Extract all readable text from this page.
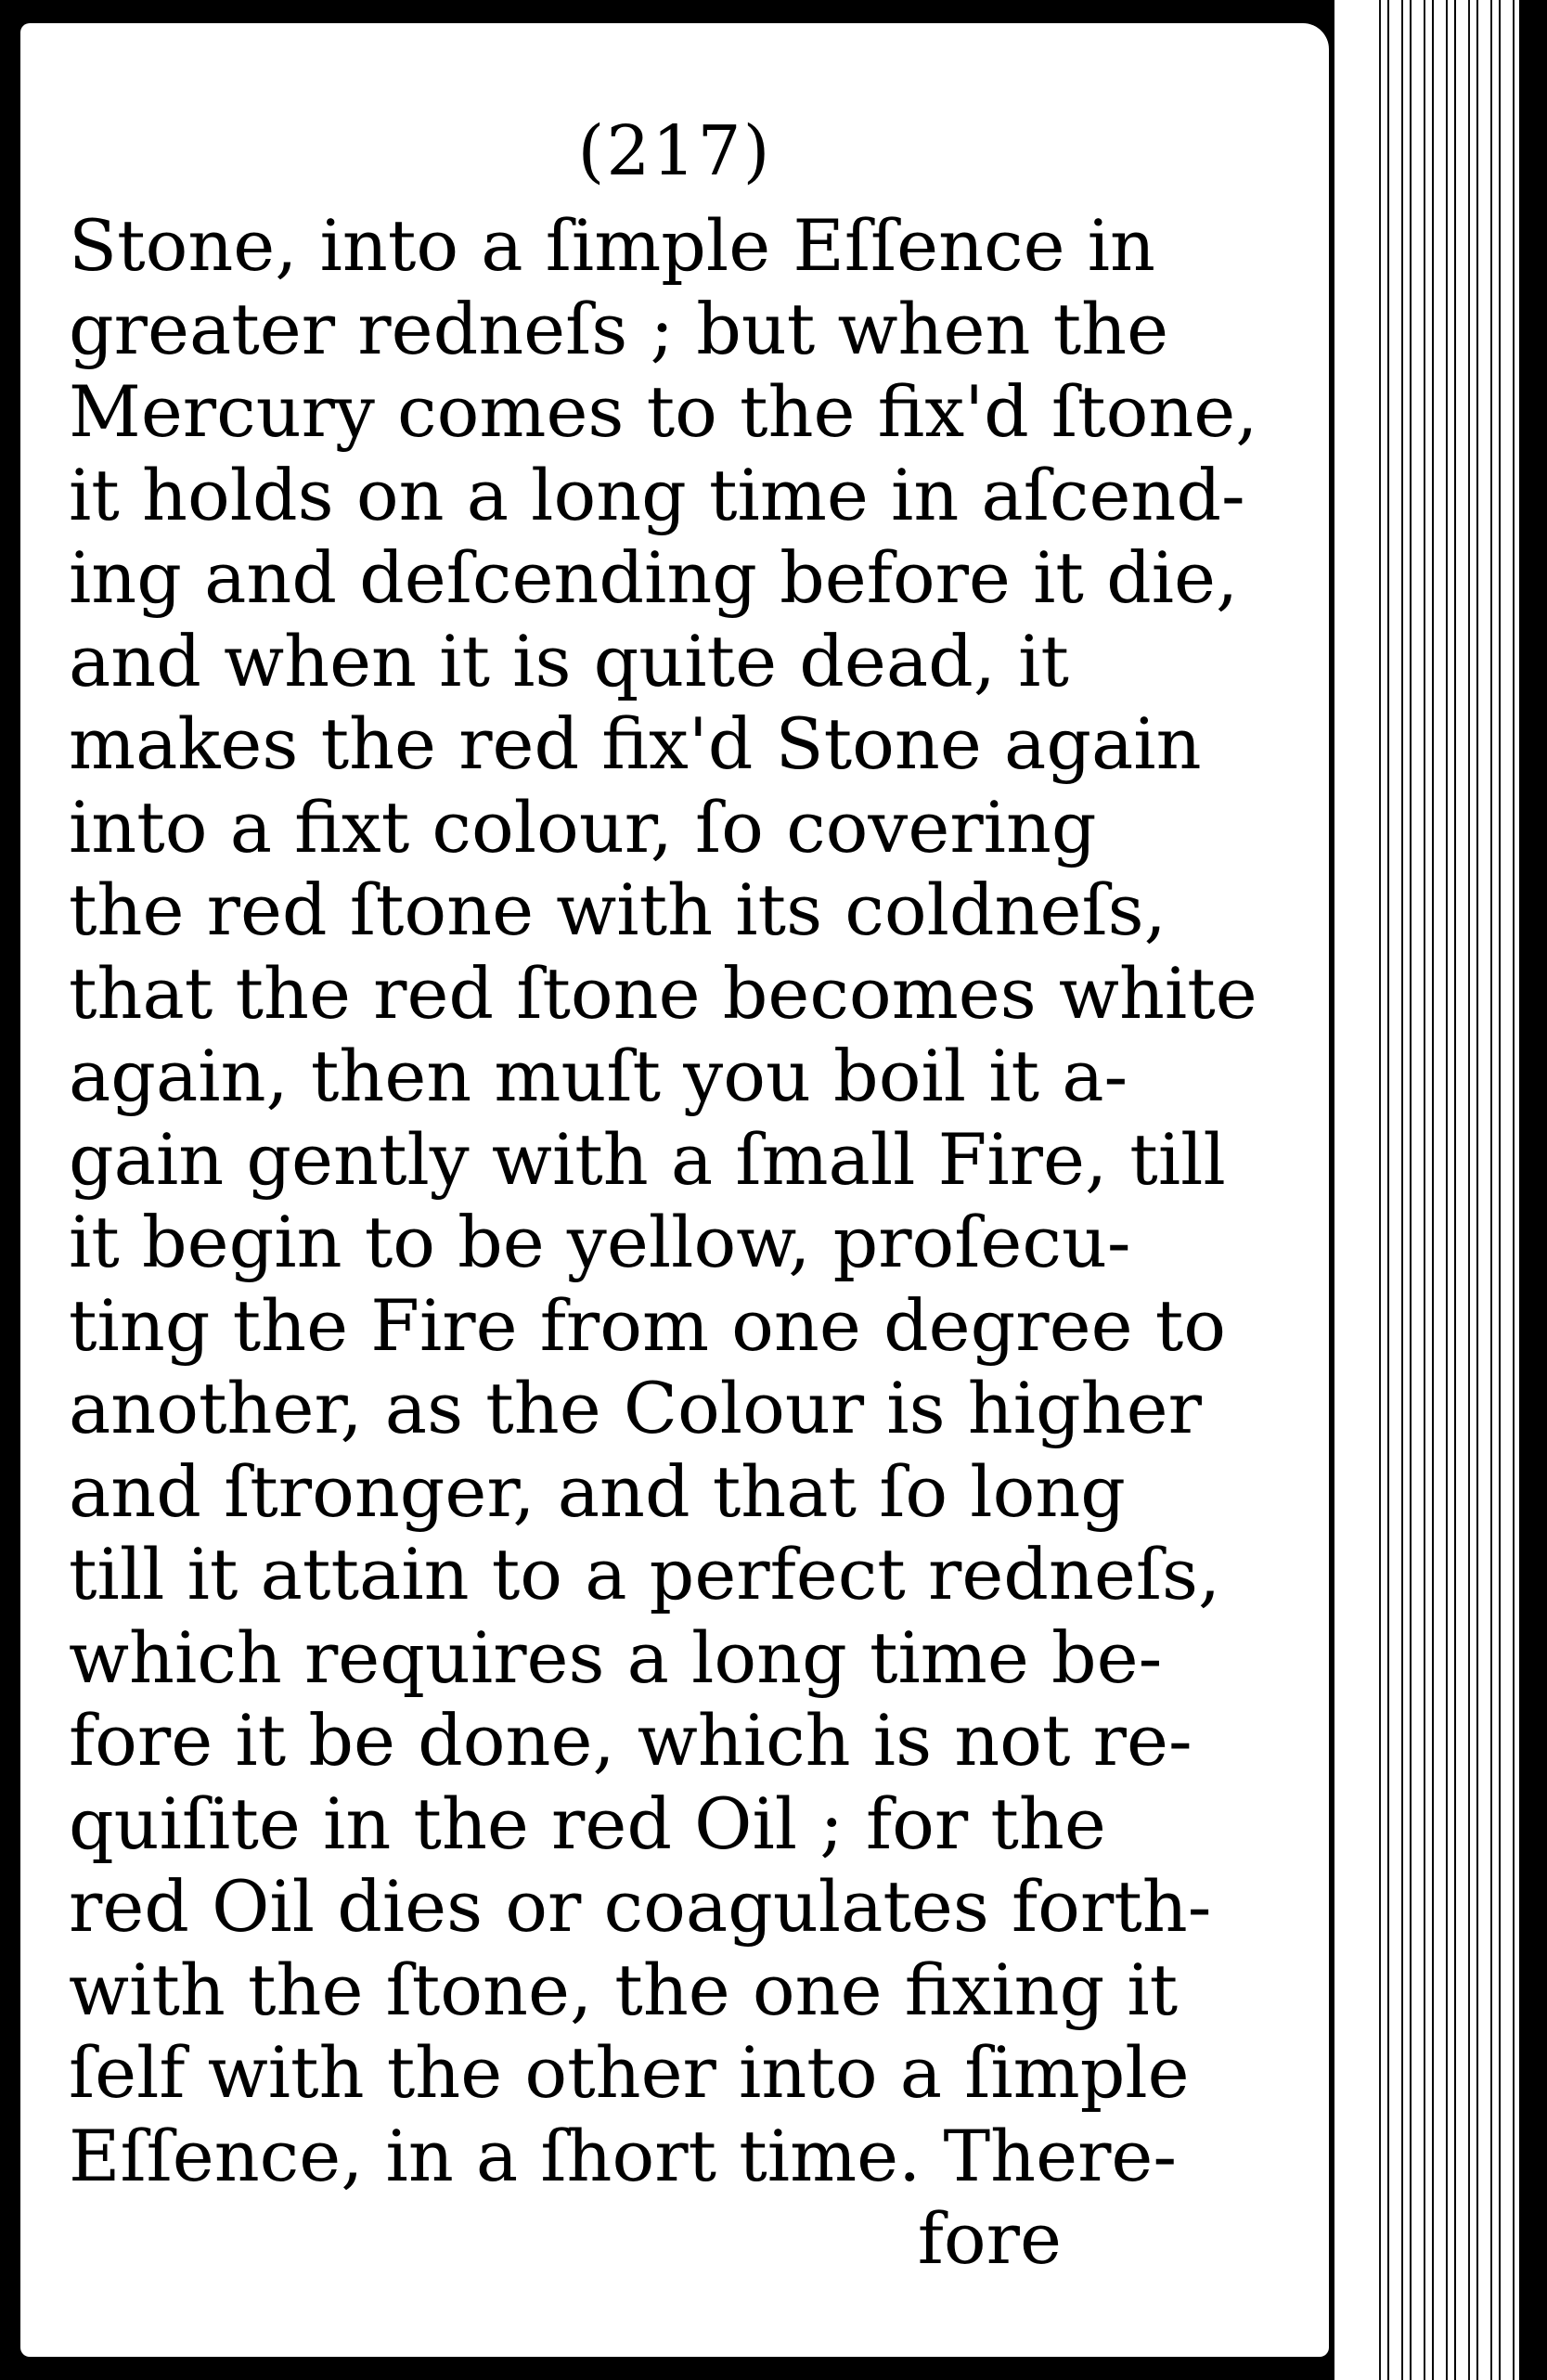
(217)
Stone, into a ſimple Eſſence in
greater redneſs ; but when the
Mercury comes to the fix'd ſtone,
it holds on a long time in aſcend-
ing and deſcending before it die,
and when it is quite dead, it
makes the red fix'd Stone again
into a fixt colour, ſo covering
the red ſtone with its coldneſs,
that the red ſtone becomes white
again, then muſt you boil it a-
gain gently with a ſmall Fire, till
it begin to be yellow, proſecu-
ting the Fire from one degree to
another, as the Colour is higher
and ſtronger, and that ſo long
till it attain to a perfect redneſs,
which requires a long time be-
fore it be done, which is not re-
quiſite in the red Oil ; for the
red Oil dies or coagulates forth-
with the ſtone, the one fixing it
ſelf with the other into a ſimple
Eſſence, in a ſhort time. There-
fore
